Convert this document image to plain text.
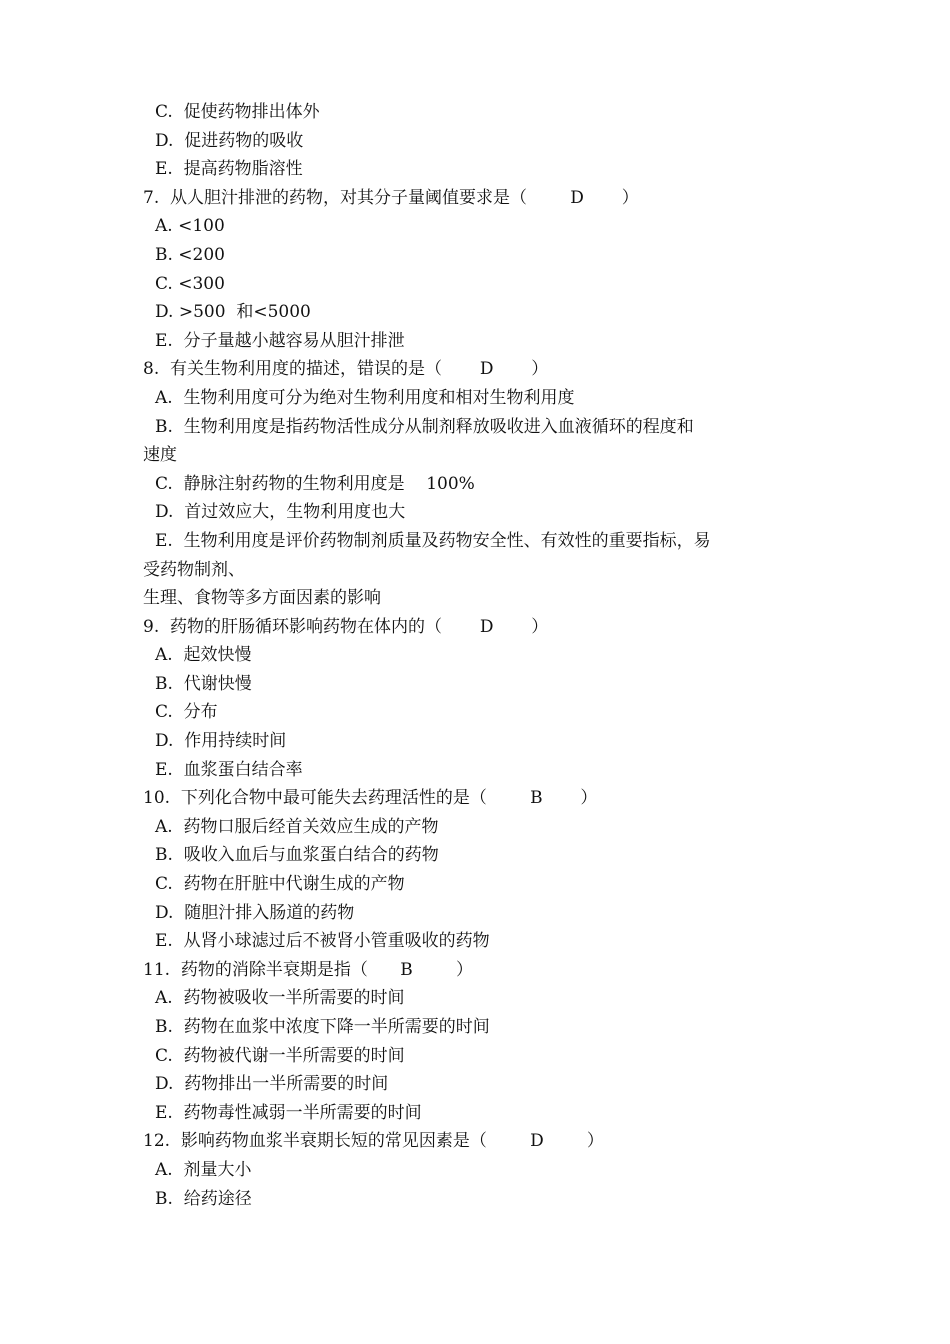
C.  促使药物排出体外
D.  促进药物的吸收
E.  提高药物脂溶性
7.  从人胆汁排泄的药物，对其分子量阈值要求是（        D       ）
A. <100
B. <200
C. <300
D. >500  和<5000
E.  分子量越小越容易从胆汁排泄
8.  有关生物利用度的描述，错误的是（       D       ）
A.  生物利用度可分为绝对生物利用度和相对生物利用度
B.  生物利用度是指药物活性成分从制剂释放吸收进入血液循环的程度和
速度
C.  静脉注射药物的生物利用度是    100%
D.  首过效应大，生物利用度也大
E.  生物利用度是评价药物制剂质量及药物安全性、有效性的重要指标，易
受药物制剂、
生理、食物等多方面因素的影响
9.  药物的肝肠循环影响药物在体内的（       D       ）
A.  起效快慢
B.  代谢快慢
C.  分布
D.  作用持续时间
E.  血浆蛋白结合率
10.  下列化合物中最可能失去药理活性的是（        B       ）
A.  药物口服后经首关效应生成的产物
B.  吸收入血后与血浆蛋白结合的药物
C.  药物在肝脏中代谢生成的产物
D.  随胆汁排入肠道的药物
E.  从肾小球滤过后不被肾小管重吸收的药物
11.  药物的消除半衰期是指（      B        ）
A.  药物被吸收一半所需要的时间
B.  药物在血浆中浓度下降一半所需要的时间
C.  药物被代谢一半所需要的时间
D.  药物排出一半所需要的时间
E.  药物毒性减弱一半所需要的时间
12.  影响药物血浆半衰期长短的常见因素是（        D        ）
A.  剂量大小
B.  给药途径
